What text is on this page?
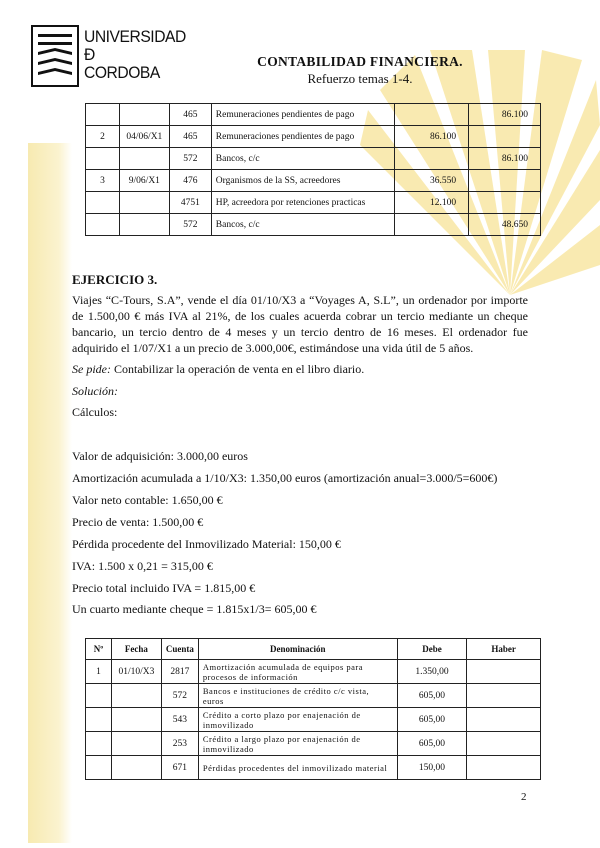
UNIVERSIDAD
Ð
CORDOBA
CONTABILIDAD FINANCIERA.
Refuerzo temas 1-4.
		465	Remuneraciones pendientes de pago		86.100
2	04/06/X1	465	Remuneraciones pendientes de pago	86.100	
		572	Bancos, c/c		86.100
3	9/06/X1	476	Organismos de la SS, acreedores	36.550	
		4751	HP, acreedora por retenciones practicas	12.100	
		572	Bancos, c/c		48.650
EJERCICIO 3.
Viajes “C-Tours, S.A”, vende el día 01/10/X3 a “Voyages A, S.L”, un ordenador por importe de 1.500,00 € más IVA al 21%, de los cuales acuerda cobrar un tercio mediante un cheque bancario, un tercio dentro de 4 meses y un tercio dentro de 16 meses. El ordenador fue adquirido el 1/07/X1 a un precio de 3.000,00€, estimándose una vida útil de 5 años.
Se pide: Contabilizar la operación de venta en el libro diario.
Solución:
Cálculos:
Valor de adquisición: 3.000,00 euros
Amortización acumulada a 1/10/X3: 1.350,00 euros (amortización anual=3.000/5=600€)
Valor neto contable: 1.650,00 €
Precio de venta: 1.500,00 €
Pérdida procedente del Inmovilizado Material: 150,00 €
IVA: 1.500 x 0,21 = 315,00 €
Precio total incluido IVA = 1.815,00 €
Un cuarto mediante cheque = 1.815x1/3= 605,00 €
Nº	Fecha	Cuenta	Denominación	Debe	Haber
1	01/10/X3	2817	Amortización acumulada de equipos para procesos de información	1.350,00	
		572	Bancos e instituciones de crédito c/c vista, euros	605,00	
		543	Crédito a corto plazo por enajenación de inmovilizado	605,00	
		253	Crédito a largo plazo por enajenación de inmovilizado	605,00	
		671	Pérdidas procedentes del inmovilizado material	150,00	
2
